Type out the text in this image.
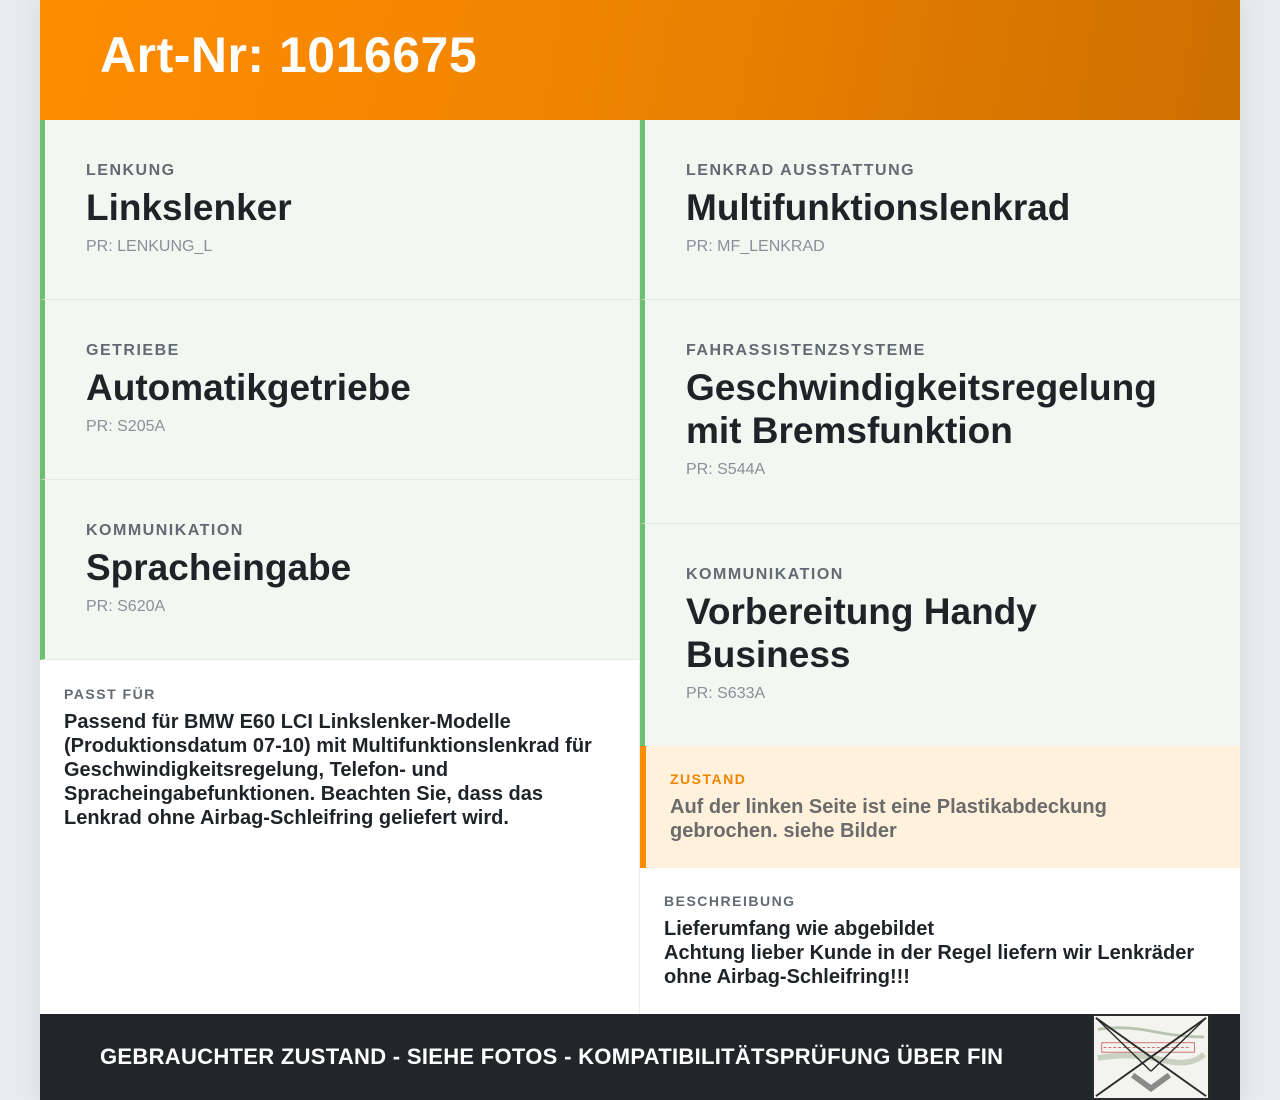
Art-Nr: 1016675
LENKUNG
Linkslenker
PR: LENKUNG_L
GETRIEBE
Automatikgetriebe
PR: S205A
KOMMUNIKATION
Spracheingabe
PR: S620A
LENKRAD AUSSTATTUNG
Multifunktionslenkrad
PR: MF_LENKRAD
FAHRASSISTENZSYSTEME
Geschwindigkeitsregelung mit Bremsfunktion
PR: S544A
KOMMUNIKATION
Vorbereitung Handy Business
PR: S633A
PASST FÜR
Passend für BMW E60 LCI Linkslenker-Modelle (Produktionsdatum 07-10) mit Multifunktionslenkrad für Geschwindigkeitsregelung, Telefon- und Spracheingabefunktionen. Beachten Sie, dass das Lenkrad ohne Airbag-Schleifring geliefert wird.
ZUSTAND
Auf der linken Seite ist eine Plastikabdeckung gebrochen. siehe Bilder
BESCHREIBUNG
Lieferumfang wie abgebildet
Achtung lieber Kunde in der Regel liefern wir Lenkräder ohne Airbag-Schleifring!!!
GEBRAUCHTER ZUSTAND - SIEHE FOTOS - KOMPATIBILITÄTSPRÜFUNG ÜBER FIN
